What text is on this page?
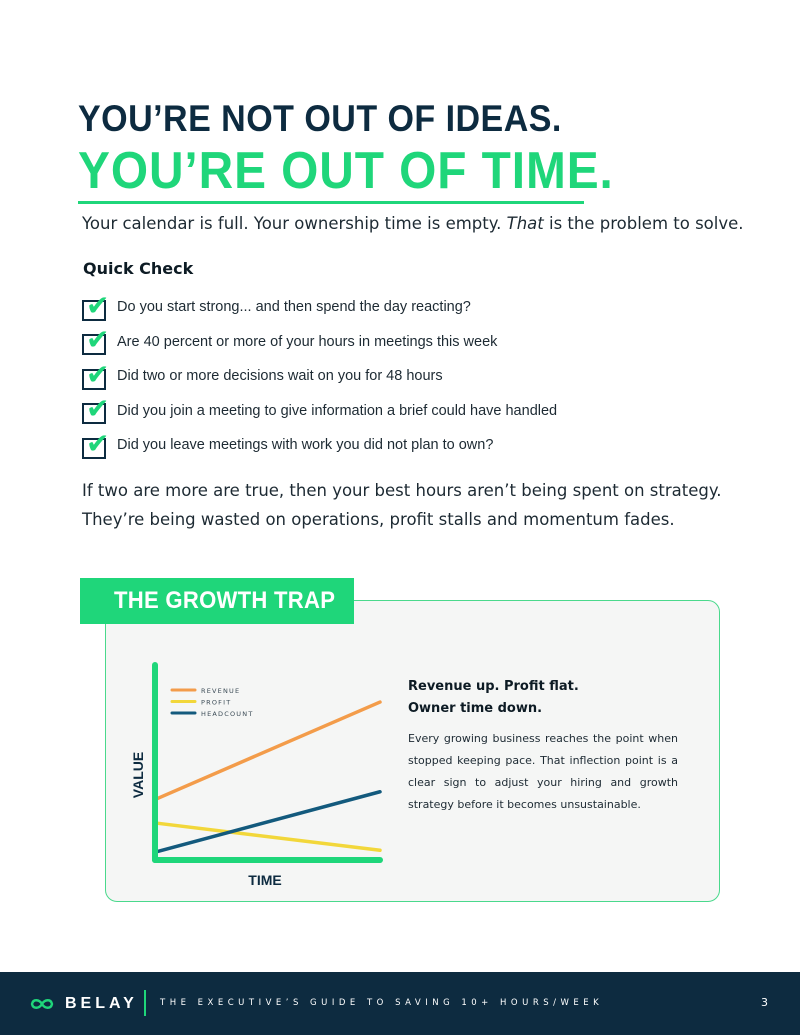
YOU’RE NOT OUT OF IDEAS.
YOU’RE OUT OF TIME.

Your calendar is full. Your ownership time is empty. That is the problem to solve.

Quick Check
✔ Do you start strong... and then spend the day reacting?
✔ Are 40 percent or more of your hours in meetings this week
✔ Did two or more decisions wait on you for 48 hours
✔ Did you join a meeting to give information a brief could have handled
✔ Did you leave meetings with work you did not plan to own?

If two are more are true, then your best hours aren’t being spent on strategy. They’re being wasted on operations, profit stalls and momentum fades.

THE GROWTH TRAP
REVENUE
PROFIT
HEADCOUNT
TIME
VALUE
Revenue up. Profit flat.
Owner time down.

Every growing business reaches the point when stopped keeping pace. That inflection point is a clear sign to adjust your hiring and growth strategy before it becomes unsustainable.

BELAY	THE EXECUTIVE’S GUIDE TO SAVING 10+ HOURS/WEEK	3
